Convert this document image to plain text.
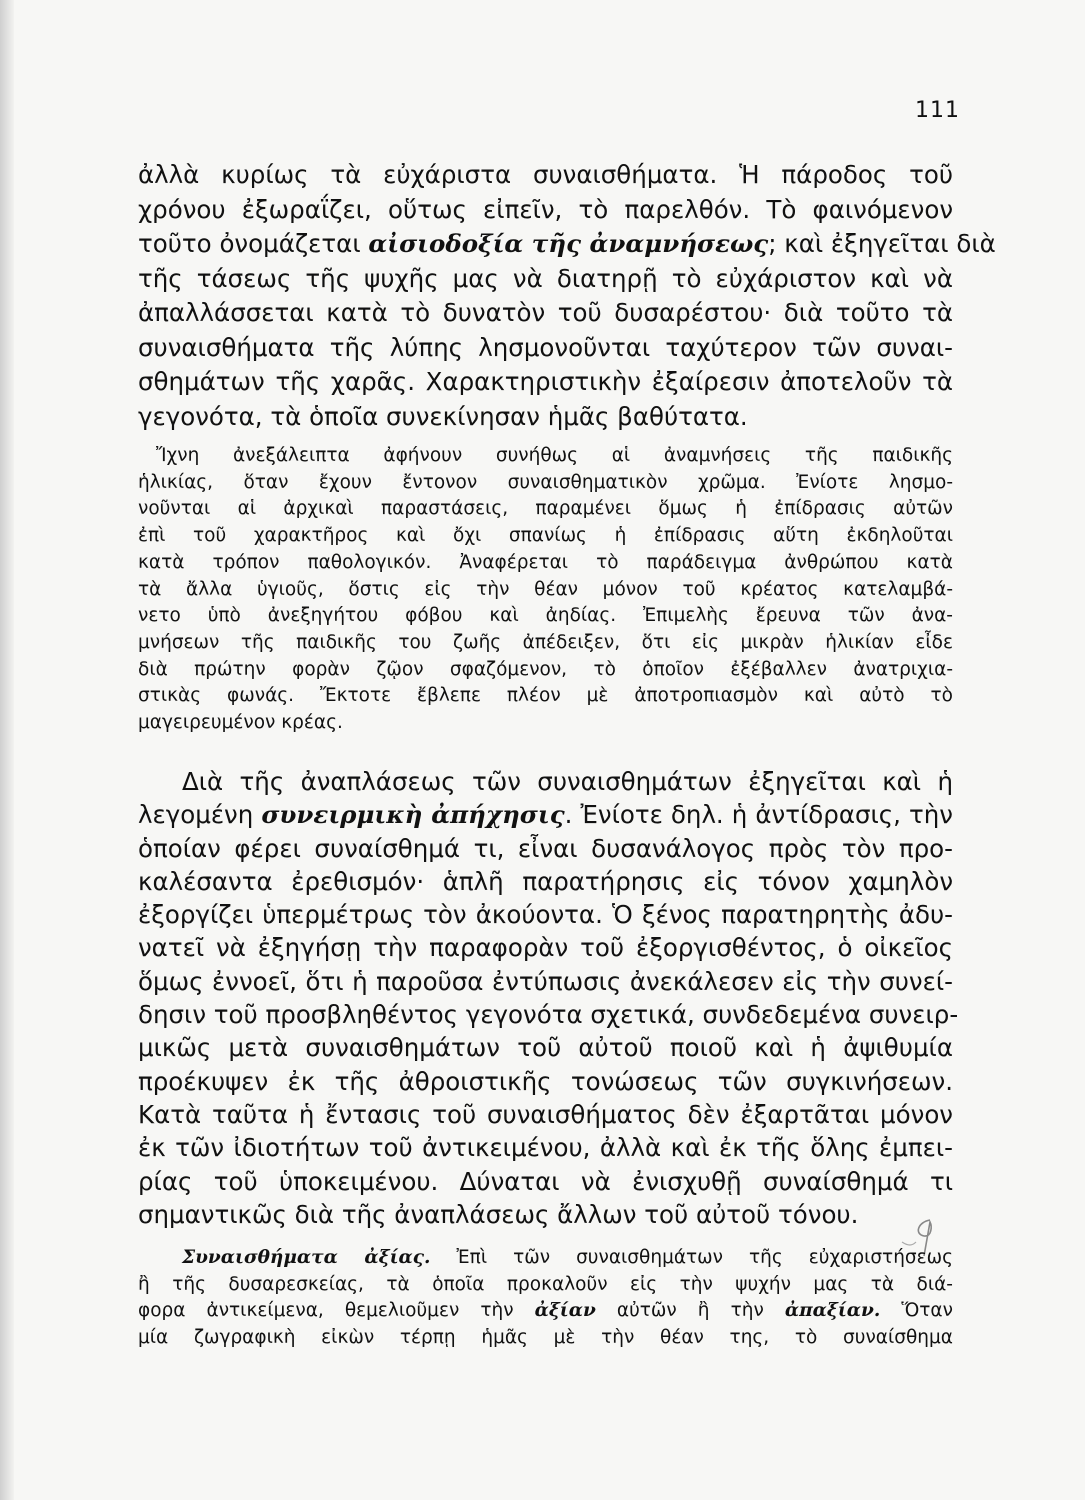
111
ἀλλὰ κυρίως τὰ εὐχάριστα συναισθήματα. Ἡ πάροδος τοῦ
χρόνου ἐξωραΐζει, οὕτως εἰπεῖν, τὸ παρελθόν. Τὸ φαινόμενον
τοῦτο ὀνομάζεται αἰσιοδοξία τῆς ἀναμνήσεως; καὶ ἐξηγεῖται διὰ
τῆς τάσεως τῆς ψυχῆς μας νὰ διατηρῇ τὸ εὐχάριστον καὶ νὰ
ἀπαλλάσσεται κατὰ τὸ δυνατὸν τοῦ δυσαρέστου· διὰ τοῦτο τὰ
συναισθήματα τῆς λύπης λησμονοῦνται ταχύτερον τῶν συναι-
σθημάτων τῆς χαρᾶς. Χαρακτηριστικὴν ἐξαίρεσιν ἀποτελοῦν τὰ
γεγονότα, τὰ ὁποῖα συνεκίνησαν ἡμᾶς βαθύτατα.
Ἴχνη ἀνεξάλειπτα ἀφήνουν συνήθως αἱ ἀναμνήσεις τῆς παιδικῆς
ἡλικίας, ὅταν ἔχουν ἔντονον συναισθηματικὸν χρῶμα. Ἐνίοτε λησμο-
νοῦνται αἱ ἀρχικαὶ παραστάσεις, παραμένει ὅμως ἡ ἐπίδρασις αὐτῶν
ἐπὶ τοῦ χαρακτῆρος καὶ ὄχι σπανίως ἡ ἐπίδρασις αὕτη ἐκδηλοῦται
κατὰ τρόπον παθολογικόν. Ἀναφέρεται τὸ παράδειγμα ἀνθρώπου κατὰ
τὰ ἄλλα ὑγιοῦς, ὅστις εἰς τὴν θέαν μόνον τοῦ κρέατος κατελαμβά-
νετο ὑπὸ ἀνεξηγήτου φόβου καὶ ἀηδίας. Ἐπιμελὴς ἔρευνα τῶν ἀνα-
μνήσεων τῆς παιδικῆς του ζωῆς ἀπέδειξεν, ὅτι εἰς μικρὰν ἡλικίαν εἶδε
διὰ πρώτην φορὰν ζῷον σφαζόμενον, τὸ ὁποῖον ἐξέβαλλεν ἀνατριχια-
στικὰς φωνάς. Ἔκτοτε ἔβλεπε πλέον μὲ ἀποτροπιασμὸν καὶ αὐτὸ τὸ
μαγειρευμένον κρέας.
Διὰ τῆς ἀναπλάσεως τῶν συναισθημάτων ἐξηγεῖται καὶ ἡ
λεγομένη συνειρμικὴ ἀπήχησις. Ἐνίοτε δηλ. ἡ ἀντίδρασις, τὴν
ὁποίαν φέρει συναίσθημά τι, εἶναι δυσανάλογος πρὸς τὸν προ-
καλέσαντα ἐρεθισμόν· ἁπλῆ παρατήρησις εἰς τόνον χαμηλὸν
ἐξοργίζει ὑπερμέτρως τὸν ἀκούοντα. Ὁ ξένος παρατηρητὴς ἀδυ-
νατεῖ νὰ ἐξηγήσῃ τὴν παραφορὰν τοῦ ἐξοργισθέντος, ὁ οἰκεῖος
ὅμως ἐννοεῖ, ὅτι ἡ παροῦσα ἐντύπωσις ἀνεκάλεσεν εἰς τὴν συνεί-
δησιν τοῦ προσβληθέντος γεγονότα σχετικά, συνδεδεμένα συνειρ-
μικῶς μετὰ συναισθημάτων τοῦ αὐτοῦ ποιοῦ καὶ ἡ ἀψιθυμία
προέκυψεν ἐκ τῆς ἀθροιστικῆς τονώσεως τῶν συγκινήσεων.
Κατὰ ταῦτα ἡ ἔντασις τοῦ συναισθήματος δὲν ἐξαρτᾶται μόνον
ἐκ τῶν ἰδιοτήτων τοῦ ἀντικειμένου, ἀλλὰ καὶ ἐκ τῆς ὅλης ἐμπει-
ρίας τοῦ ὑποκειμένου. Δύναται νὰ ἐνισχυθῇ συναίσθημά τι
σημαντικῶς διὰ τῆς ἀναπλάσεως ἄλλων τοῦ αὐτοῦ τόνου.
Συναισθήματα ἀξίας. Ἐπὶ τῶν συναισθημάτων τῆς εὐχαριστήσεως
ἢ τῆς δυσαρεσκείας, τὰ ὁποῖα προκαλοῦν εἰς τὴν ψυχήν μας τὰ διά-
φορα ἀντικείμενα, θεμελιοῦμεν τὴν ἀξίαν αὐτῶν ἢ τὴν ἀπαξίαν. Ὅταν
μία ζωγραφικὴ εἰκὼν τέρπῃ ἡμᾶς μὲ τὴν θέαν της, τὸ συναίσθημα
